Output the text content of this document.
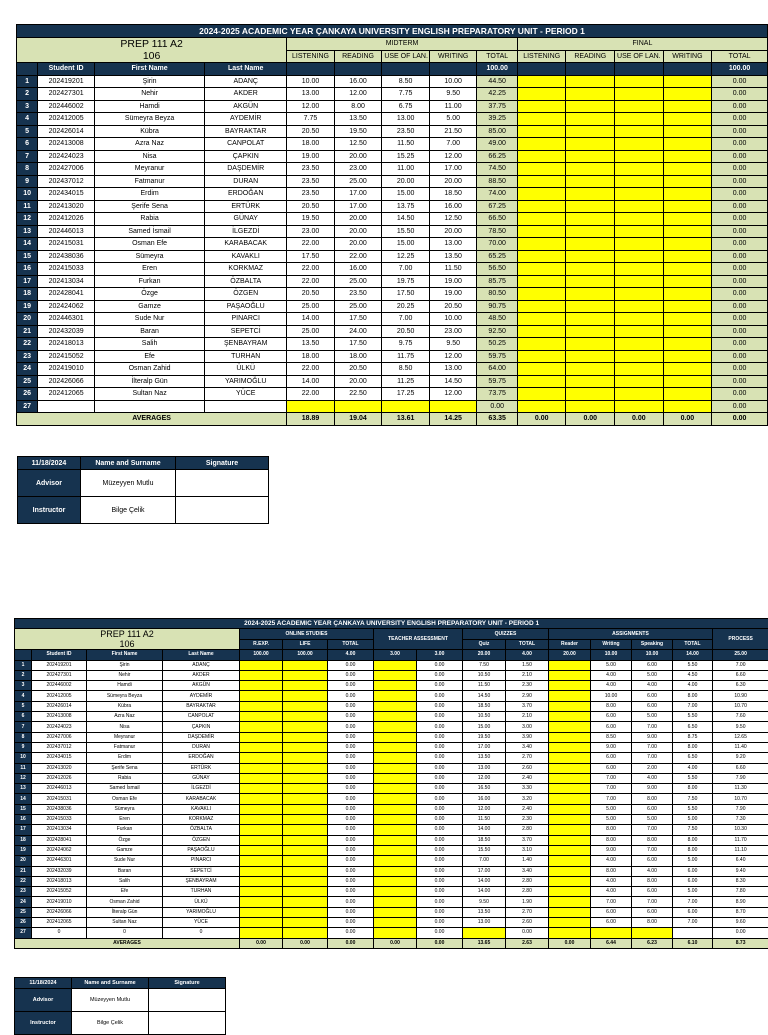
2024-2025 ACADEMIC YEAR ÇANKAYA UNIVERSITY ENGLISH PREPARATORY UNIT - PERIOD 1													

PREP 111 A2
106				MIDTERM					FINAL				
				LISTENING	READING	USE OF LAN.	WRITING	TOTAL	LISTENING	READING	USE OF LAN.	WRITING	TOTAL
	Student ID	First Name	Last Name					100.00					100.00
1	202419201	Şirin	ADANÇ	10.00	16.00	8.50	10.00	44.50					0.00
2	202427301	Nehir	AKDER	13.00	12.00	7.75	9.50	42.25					0.00
3	202446002	Hamdi	AKGÜN	12.00	8.00	6.75	11.00	37.75					0.00
4	202412005	Sümeyra Beyza	AYDEMİR	7.75	13.50	13.00	5.00	39.25					0.00
5	202426014	Kübra	BAYRAKTAR	20.50	19.50	23.50	21.50	85.00					0.00
6	202413008	Azra Naz	CANPOLAT	18.00	12.50	11.50	7.00	49.00					0.00
7	202424023	Nisa	ÇAPKIN	19.00	20.00	15.25	12.00	66.25					0.00
8	202427006	Meyranur	DAŞDEMİR	23.50	23.00	11.00	17.00	74.50					0.00
9	202437012	Fatmanur	DURAN	23.50	25.00	20.00	20.00	88.50					0.00
10	202434015	Erdim	ERDOĞAN	23.50	17.00	15.00	18.50	74.00					0.00
11	202413020	Şerife Sena	ERTÜRK	20.50	17.00	13.75	16.00	67.25					0.00
12	202412026	Rabia	GÜNAY	19.50	20.00	14.50	12.50	66.50					0.00
13	202446013	Samed İsmail	İLGEZDİ	23.00	20.00	15.50	20.00	78.50					0.00
14	202415031	Osman Efe	KARABACAK	22.00	20.00	15.00	13.00	70.00					0.00
15	202438036	Sümeyra	KAVAKLI	17.50	22.00	12.25	13.50	65.25					0.00
16	202415033	Eren	KORKMAZ	22.00	16.00	7.00	11.50	56.50					0.00
17	202413034	Furkan	ÖZBALTA	22.00	25.00	19.75	19.00	85.75					0.00
18	202428041	Özge	ÖZGEN	20.50	23.50	17.50	19.00	80.50					0.00
19	202424062	Gamze	PAŞAOĞLU	25.00	25.00	20.25	20.50	90.75					0.00
20	202446301	Sude Nur	PINARCI	14.00	17.50	7.00	10.00	48.50					0.00
21	202432039	Baran	SEPETCİ	25.00	24.00	20.50	23.00	92.50					0.00
22	202418013	Salih	ŞENBAYRAM	13.50	17.50	9.75	9.50	50.25					0.00
23	202415052	Efe	TURHAN	18.00	18.00	11.75	12.00	59.75					0.00
24	202419010	Osman Zahid	ÜLKÜ	22.00	20.50	8.50	13.00	64.00					0.00
25	202426066	İlteralp Gün	YARIMOĞLU	14.00	20.00	11.25	14.50	59.75					0.00
26	202412065	Sultan Naz	YÜCE	22.00	22.50	17.25	12.00	73.75					0.00
27								0.00					0.00
AVERAGES				18.89	19.04	13.61	14.25	63.35	0.00	0.00	0.00	0.00	0.00
11/18/2024	Name and Surname	Signature
Advisor	Müzeyyen Mutlu	
Instructor	Bilge Çelik	
2024-2025 ACADEMIC YEAR ÇANKAYA UNIVERSITY ENGLISH PREPARATORY UNIT - PERIOD 1															

PREP 111 A2
106				ONLINE STUDIES			TEACHER ASSESSMENT		QUIZZES		ASSIGNMENTS				PROCESS
				R.EXP.	LIFE	TOTAL			Quiz	TOTAL	Reader	Writing	Speaking	TOTAL	
	Student ID	First Name	Last Name	100.00	100.00	4.00	3.00	3.00	20.00	4.00	20.00	10.00	10.00	14.00	25.00
1	202419201	Şirin	ADANÇ			0.00		0.00	7.50	1.50		5.00	6.00	5.50	7.00
2	202427301	Nehir	AKDER			0.00		0.00	10.50	2.10		4.00	5.00	4.50	6.60
3	202446002	Hamdi	AKGÜN			0.00		0.00	11.50	2.30		4.00	4.00	4.00	6.30
4	202412005	Sümeyra Beyza	AYDEMİR			0.00		0.00	14.50	2.90		10.00	6.00	8.00	10.90
5	202426014	Kübra	BAYRAKTAR			0.00		0.00	18.50	3.70		8.00	6.00	7.00	10.70
6	202413008	Azra Naz	CANPOLAT			0.00		0.00	10.50	2.10		6.00	5.00	5.50	7.60
7	202424023	Nisa	ÇAPKIN			0.00		0.00	15.00	3.00		6.00	7.00	6.50	9.50
8	202427006	Meyranur	DAŞDEMİR			0.00		0.00	19.50	3.90		8.50	9.00	8.75	12.65
9	202437012	Fatmanur	DURAN			0.00		0.00	17.00	3.40		9.00	7.00	8.00	11.40
10	202434015	Erdim	ERDOĞAN			0.00		0.00	13.50	2.70		6.00	7.00	6.50	9.20
11	202413020	Şerife Sena	ERTÜRK			0.00		0.00	13.00	2.60		6.00	2.00	4.00	6.60
12	202412026	Rabia	GÜNAY			0.00		0.00	12.00	2.40		7.00	4.00	5.50	7.90
13	202446013	Samed İsmail	İLGEZDİ			0.00		0.00	16.50	3.30		7.00	9.00	8.00	11.30
14	202415031	Osman Efe	KARABACAK			0.00		0.00	16.00	3.20		7.00	8.00	7.50	10.70
15	202438036	Sümeyra	KAVAKLI			0.00		0.00	12.00	2.40		5.00	6.00	5.50	7.90
16	202415033	Eren	KORKMAZ			0.00		0.00	11.50	2.30		5.00	5.00	5.00	7.30
17	202413034	Furkan	ÖZBALTA			0.00		0.00	14.00	2.80		8.00	7.00	7.50	10.30
18	202428041	Özge	ÖZGEN			0.00		0.00	18.50	3.70		8.00	8.00	8.00	11.70
19	202424062	Gamze	PAŞAOĞLU			0.00		0.00	15.50	3.10		9.00	7.00	8.00	11.10
20	202446301	Sude Nur	PINARCI			0.00		0.00	7.00	1.40		4.00	6.00	5.00	6.40
21	202432039	Baran	SEPETCİ			0.00		0.00	17.00	3.40		8.00	4.00	6.00	9.40
22	202418013	Salih	ŞENBAYRAM			0.00		0.00	14.00	2.80		4.00	8.00	6.00	8.30
23	202415052	Efe	TURHAN			0.00		0.00	14.00	2.80		4.00	6.00	5.00	7.80
24	202419010	Osman Zahid	ÜLKÜ			0.00		0.00	9.50	1.90		7.00	7.00	7.00	8.90
25	202426066	İlteralp Gün	YARIMOĞLU			0.00		0.00	13.50	2.70		6.00	6.00	6.00	8.70
26	202412065	Sultan Naz	YÜCE			0.00		0.00	13.00	2.60		6.00	8.00	7.00	9.60
27	0	0	0			0.00		0.00		0.00					0.00
AVERAGES				0.00	0.00	0.00	0.00	0.00	13.65	2.63	0.00	6.44	6.23	6.10	8.73
11/18/2024	Name and Surname	Signature
Advisor	Müzeyyen Mutlu	
Instructor	Bilge Çelik	
